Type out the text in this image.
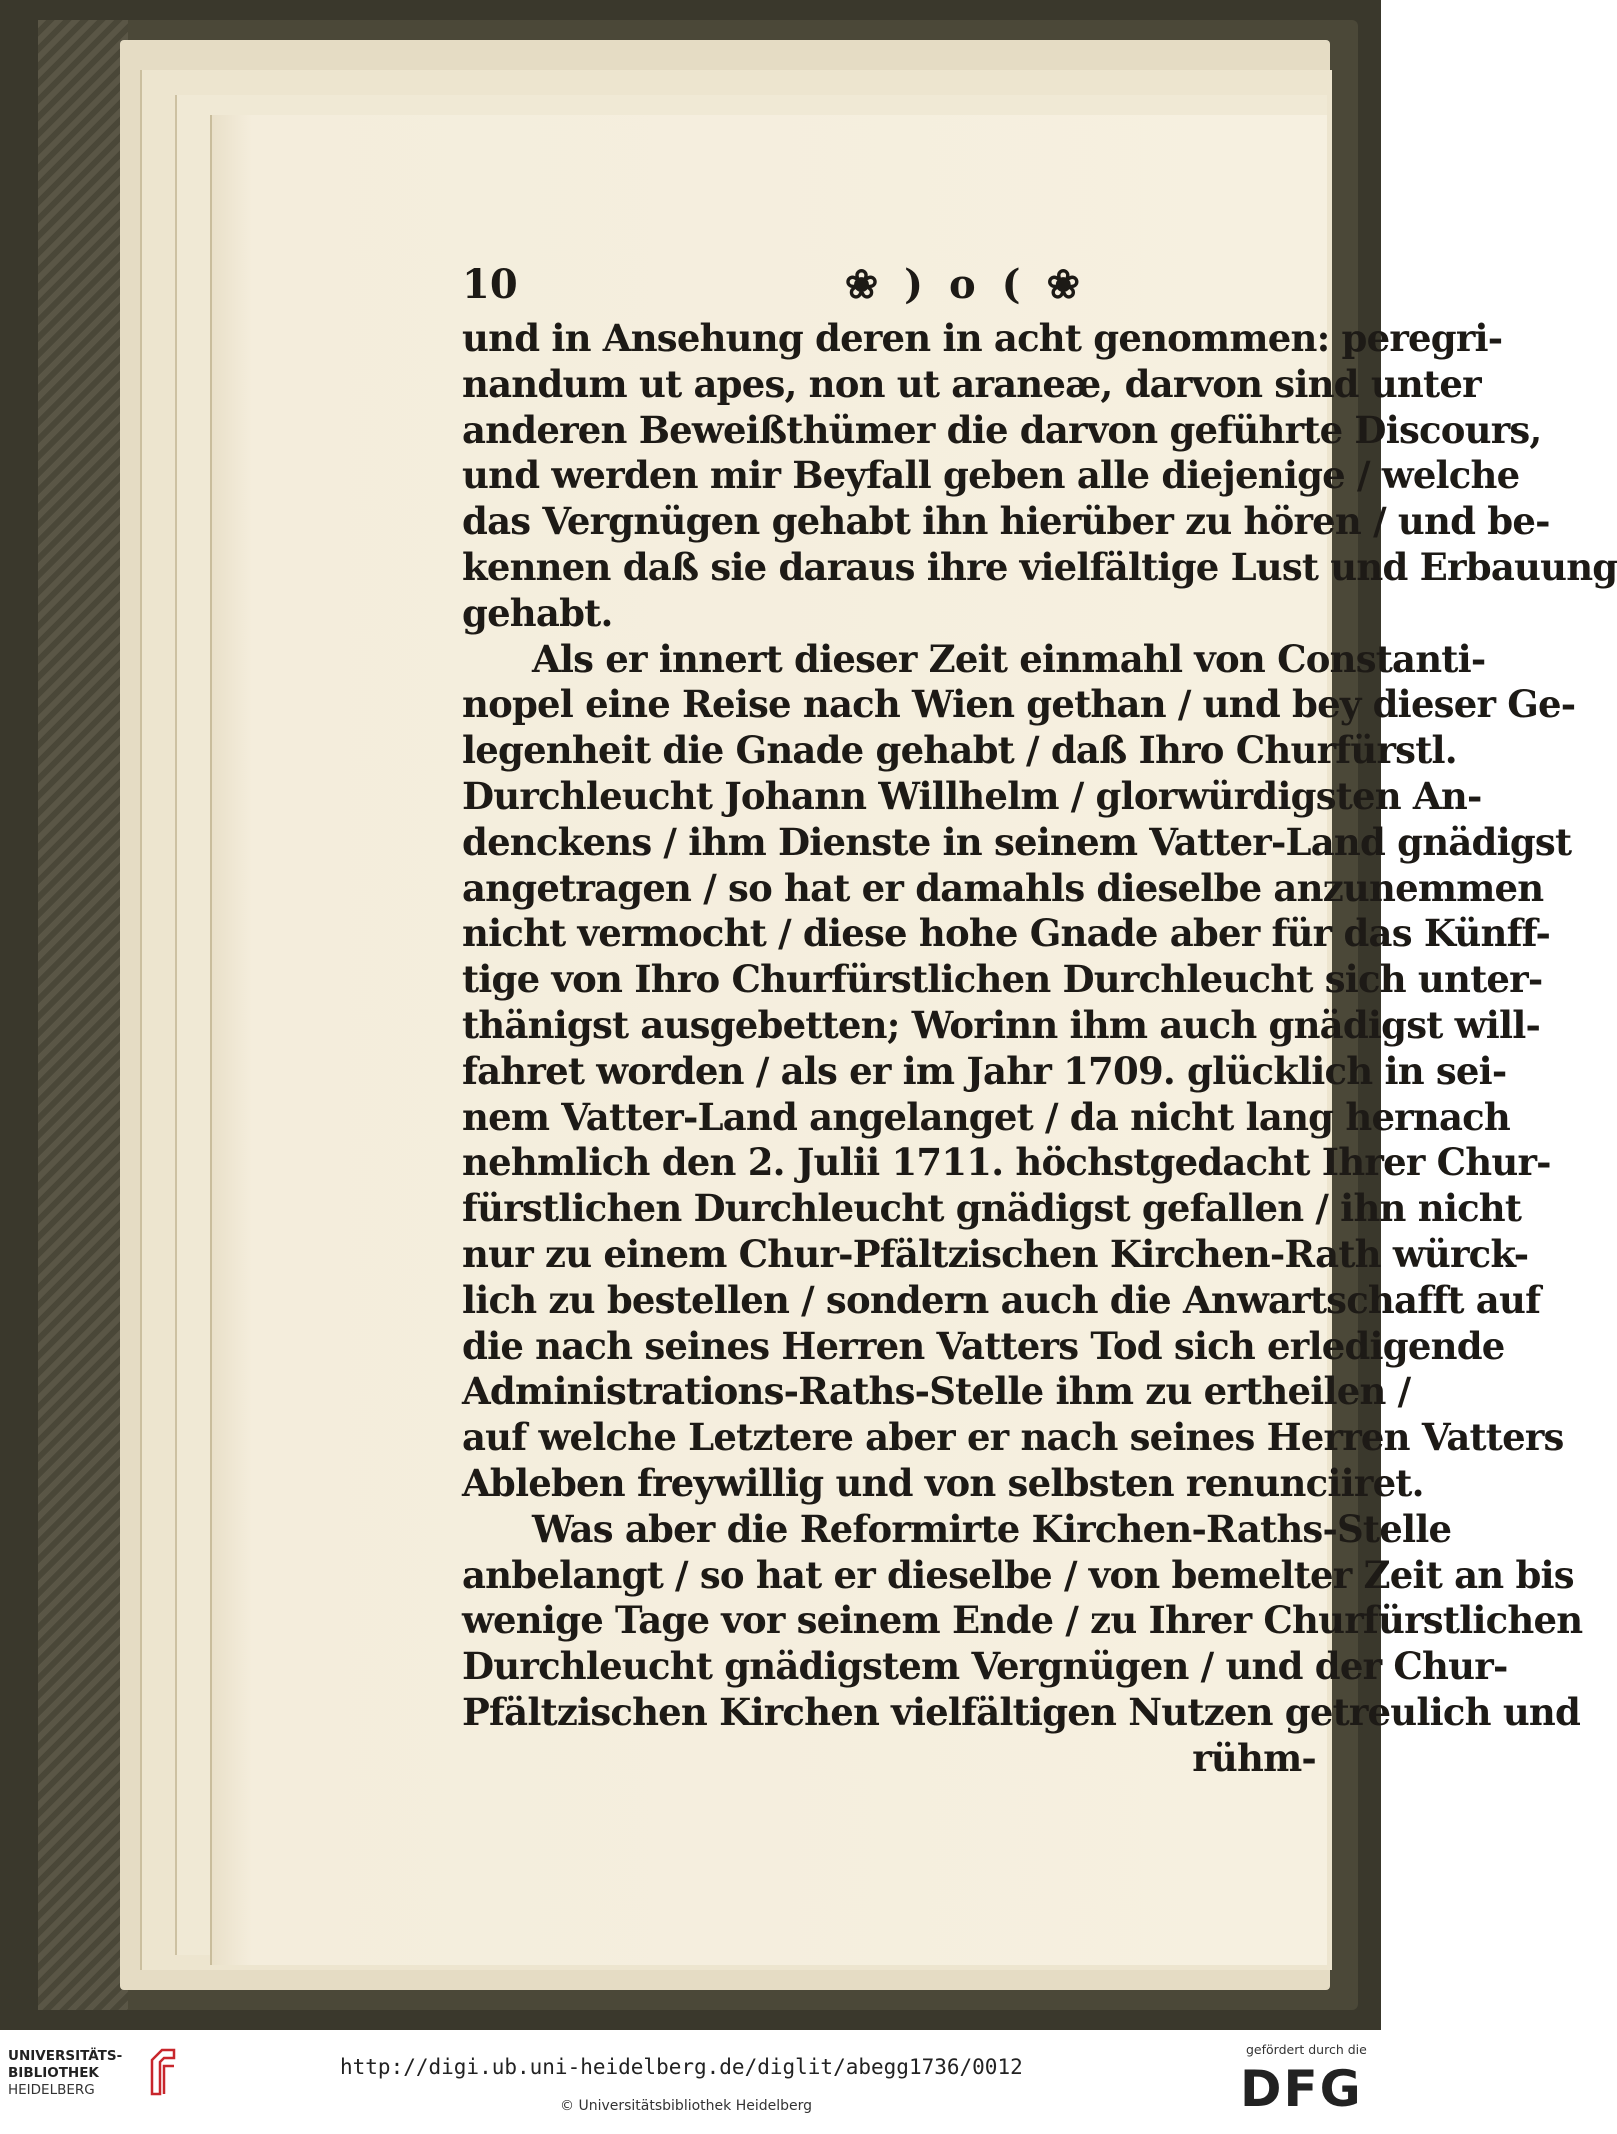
10	❀ ) o ( ❀
und in Ansehung deren in acht genommen: peregri-
nandum ut apes, non ut araneæ, darvon sind unter
anderen Beweißthümer die darvon geführte Discours,
und werden mir Beyfall geben alle diejenige / welche
das Vergnügen gehabt ihn hierüber zu hören / und be-
kennen daß sie daraus ihre vielfältige Lust und Erbauung
gehabt.
Als er innert dieser Zeit einmahl von Constanti-
nopel eine Reise nach Wien gethan / und bey dieser Ge-
legenheit die Gnade gehabt / daß Ihro Churfürstl.
Durchleucht Johann Willhelm / glorwürdigsten An-
denckens / ihm Dienste in seinem Vatter-Land gnädigst
angetragen / so hat er damahls dieselbe anzunemmen
nicht vermocht / diese hohe Gnade aber für das Künff-
tige von Ihro Churfürstlichen Durchleucht sich unter-
thänigst ausgebetten; Worinn ihm auch gnädigst will-
fahret worden / als er im Jahr 1709. glücklich in sei-
nem Vatter-Land angelanget / da nicht lang hernach
nehmlich den 2. Julii 1711. höchstgedacht Ihrer Chur-
fürstlichen Durchleucht gnädigst gefallen / ihn nicht
nur zu einem Chur-Pfältzischen Kirchen-Rath würck-
lich zu bestellen / sondern auch die Anwartschafft auf
die nach seines Herren Vatters Tod sich erledigende
Administrations-Raths-Stelle ihm zu ertheilen /
auf welche Letztere aber er nach seines Herren Vatters
Ableben freywillig und von selbsten renunciiret.
Was aber die Reformirte Kirchen-Raths-Stelle
anbelangt / so hat er dieselbe / von bemelter Zeit an bis
wenige Tage vor seinem Ende / zu Ihrer Churfürstlichen
Durchleucht gnädigstem Vergnügen / und der Chur-
Pfältzischen Kirchen vielfältigen Nutzen getreulich und
rühm-
UNIVERSITÄTS-
BIBLIOTHEK
HEIDELBERG
http://digi.ub.uni-heidelberg.de/diglit/abegg1736/0012
© Universitätsbibliothek Heidelberg
gefördert durch die
DFG
